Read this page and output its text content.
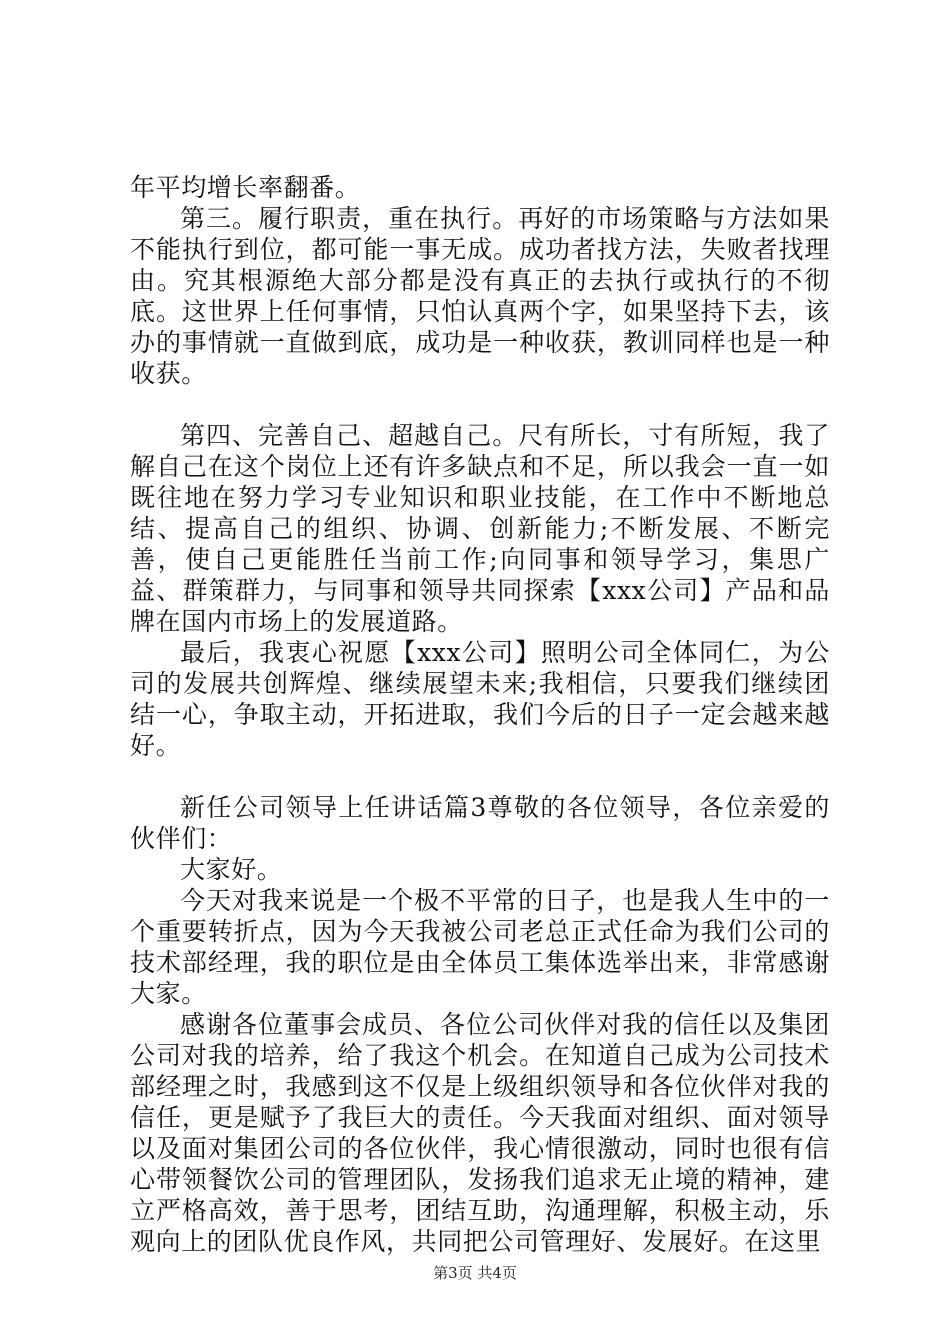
年平均增长率翻番。

第三。履行职责，重在执行。再好的市场策略与方法如果不能执行到位，都可能一事无成。成功者找方法，失败者找理由。究其根源绝大部分都是没有真正的去执行或执行的不彻底。这世界上任何事情，只怕认真两个字，如果坚持下去，该办的事情就一直做到底，成功是一种收获，教训同样也是一种收获。

第四、完善自己、超越自己。尺有所长，寸有所短，我了解自己在这个岗位上还有许多缺点和不足，所以我会一直一如既往地在努力学习专业知识和职业技能，在工作中不断地总结、提高自己的组织、协调、创新能力;不断发展、不断完善，使自己更能胜任当前工作;向同事和领导学习，集思广益、群策群力，与同事和领导共同探索【xxx公司】产品和品牌在国内市场上的发展道路。

最后，我衷心祝愿【xxx公司】照明公司全体同仁，为公司的发展共创辉煌、继续展望未来;我相信，只要我们继续团结一心，争取主动，开拓进取，我们今后的日子一定会越来越好。

新任公司领导上任讲话篇3尊敬的各位领导，各位亲爱的伙伴们：

大家好。

今天对我来说是一个极不平常的日子，也是我人生中的一个重要转折点，因为今天我被公司老总正式任命为我们公司的技术部经理，我的职位是由全体员工集体选举出来，非常感谢大家。

感谢各位董事会成员、各位公司伙伴对我的信任以及集团公司对我的培养，给了我这个机会。在知道自己成为公司技术部经理之时，我感到这不仅是上级组织领导和各位伙伴对我的信任，更是赋予了我巨大的责任。今天我面对组织、面对领导以及面对集团公司的各位伙伴，我心情很激动，同时也很有信心带领餐饮公司的管理团队，发扬我们追求无止境的精神，建立严格高效，善于思考，团结互助，沟通理解，积极主动，乐观向上的团队优良作风，共同把公司管理好、发展好。在这里

第3页 共4页
